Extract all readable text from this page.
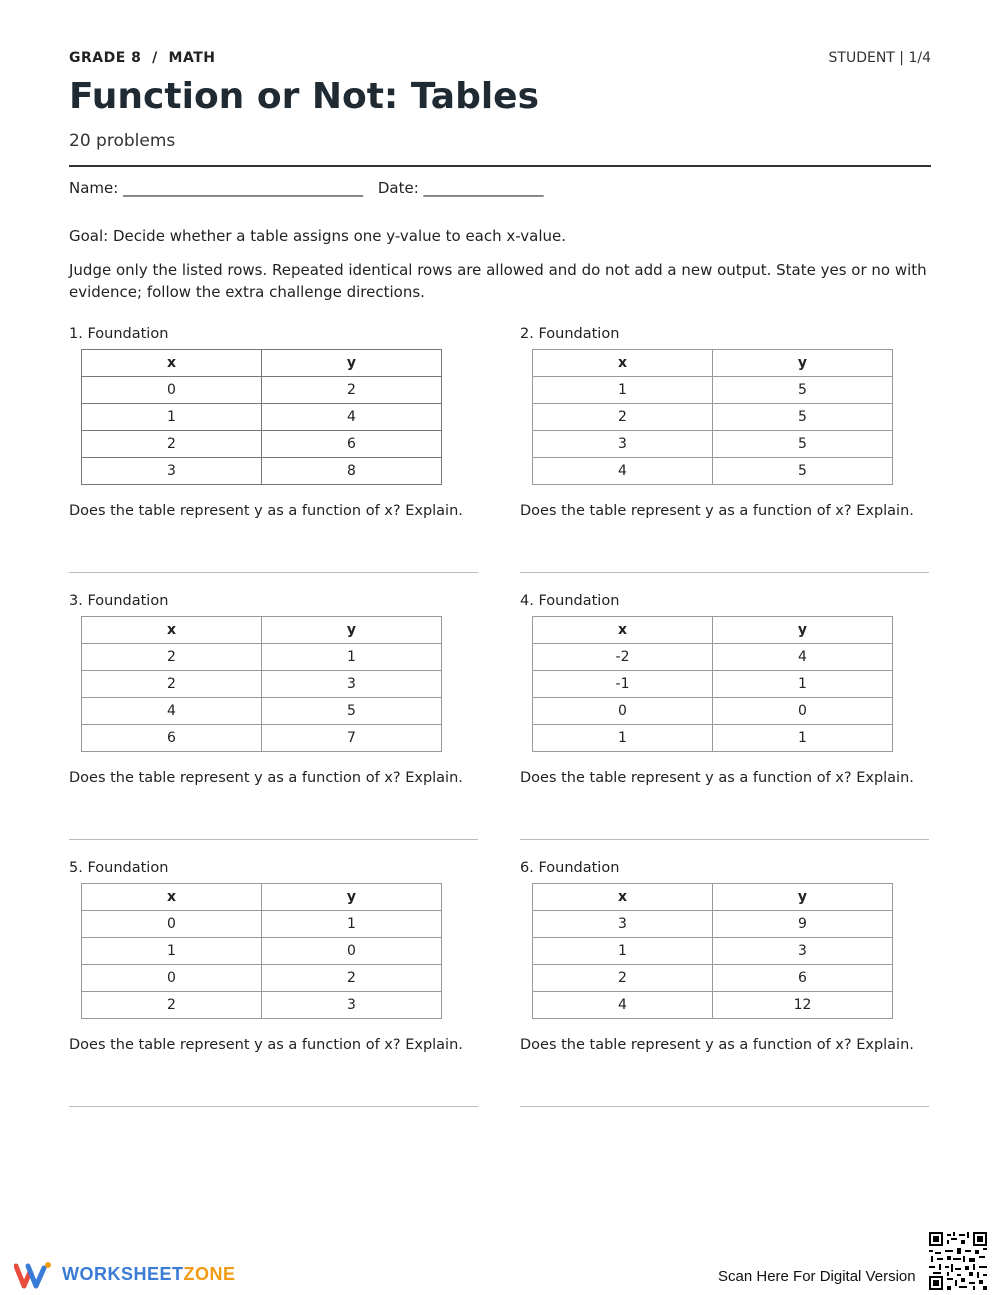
GRADE 8  /  MATH	STUDENT | 1/4
Function or Not: Tables
20 problems
Name: ________________________________ Date: ________________
Goal: Decide whether a table assigns one y-value to each x-value.
Judge only the listed rows. Repeated identical rows are allowed and do not add a new output. State yes or no with evidence; follow the extra challenge directions.
1. Foundation
x	y
0	2
1	4
2	6
3	8
Does the table represent y as a function of x? Explain.
2. Foundation
x	y
1	5
2	5
3	5
4	5
Does the table represent y as a function of x? Explain.
3. Foundation
x	y
2	1
2	3
4	5
6	7
Does the table represent y as a function of x? Explain.
4. Foundation
x	y
-2	4
-1	1
0	0
1	1
Does the table represent y as a function of x? Explain.
5. Foundation
x	y
0	1
1	0
0	2
2	3
Does the table represent y as a function of x? Explain.
6. Foundation
x	y
3	9
1	3
2	6
4	12
Does the table represent y as a function of x? Explain.
WORKSHEETZONE	Scan Here For Digital Version
